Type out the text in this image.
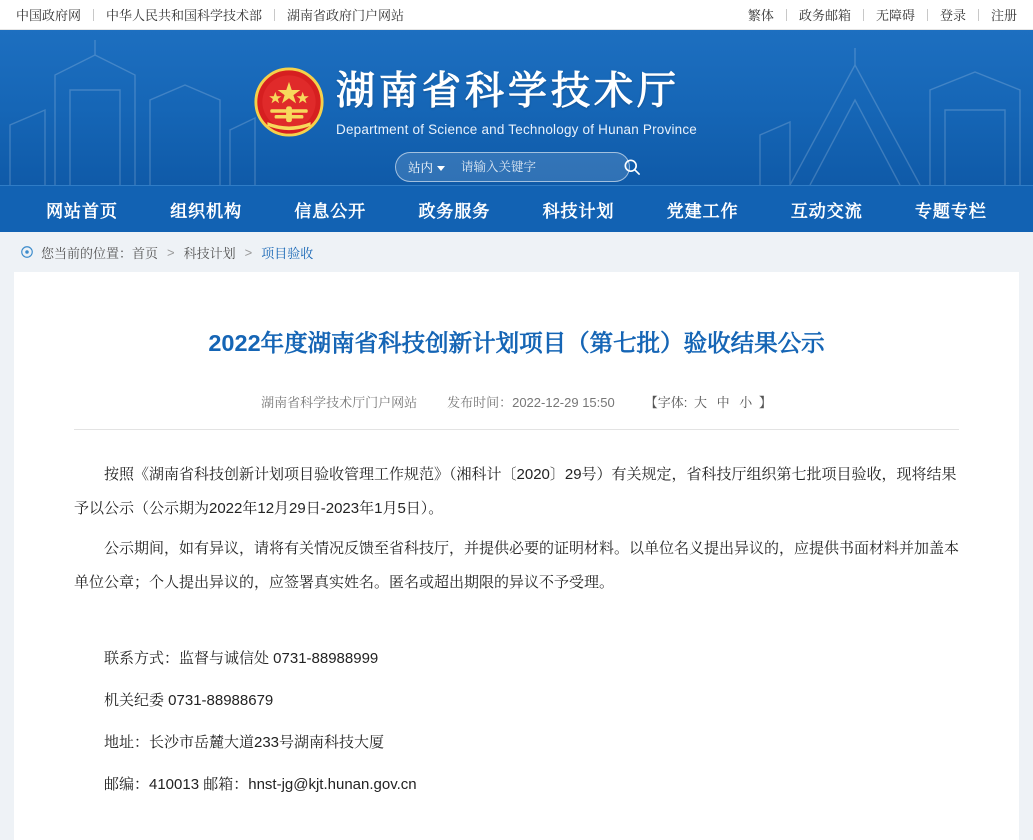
中国政府网 中华人民共和国科学技术部 湖南省政府门户网站	繁体 政务邮箱 无障碍 登录 注册
湖南省科学技术厅
Department of Science and Technology of Hunan Province
站内
请输入关键字
网站首页	组织机构	信息公开	政务服务	科技计划	党建工作	互动交流	专题专栏
您当前的位置： 首页 > 科技计划 > 项目验收
2022年度湖南省科技创新计划项目（第七批）验收结果公示
湖南省科学技术厅门户网站 发布时间：2022-12-29 15:50 【字体: 大 中 小 】

按照《湖南省科技创新计划项目验收管理工作规范》（湘科计〔2020〕29号）有关规定，省科技厅组织第七批项目验收，现将结果予以公示（公示期为2022年12月29日-2023年1月5日）。

公示期间，如有异议，请将有关情况反馈至省科技厅，并提供必要的证明材料。以单位名义提出异议的，应提供书面材料并加盖本单位公章；个人提出异议的，应签署真实姓名。匿名或超出期限的异议不予受理。

联系方式：监督与诚信处 0731-88988999

机关纪委 0731-88988679

地址：长沙市岳麓大道233号湖南科技大厦

邮编：410013 邮箱：hnst-jg@kjt.hunan.gov.cn
